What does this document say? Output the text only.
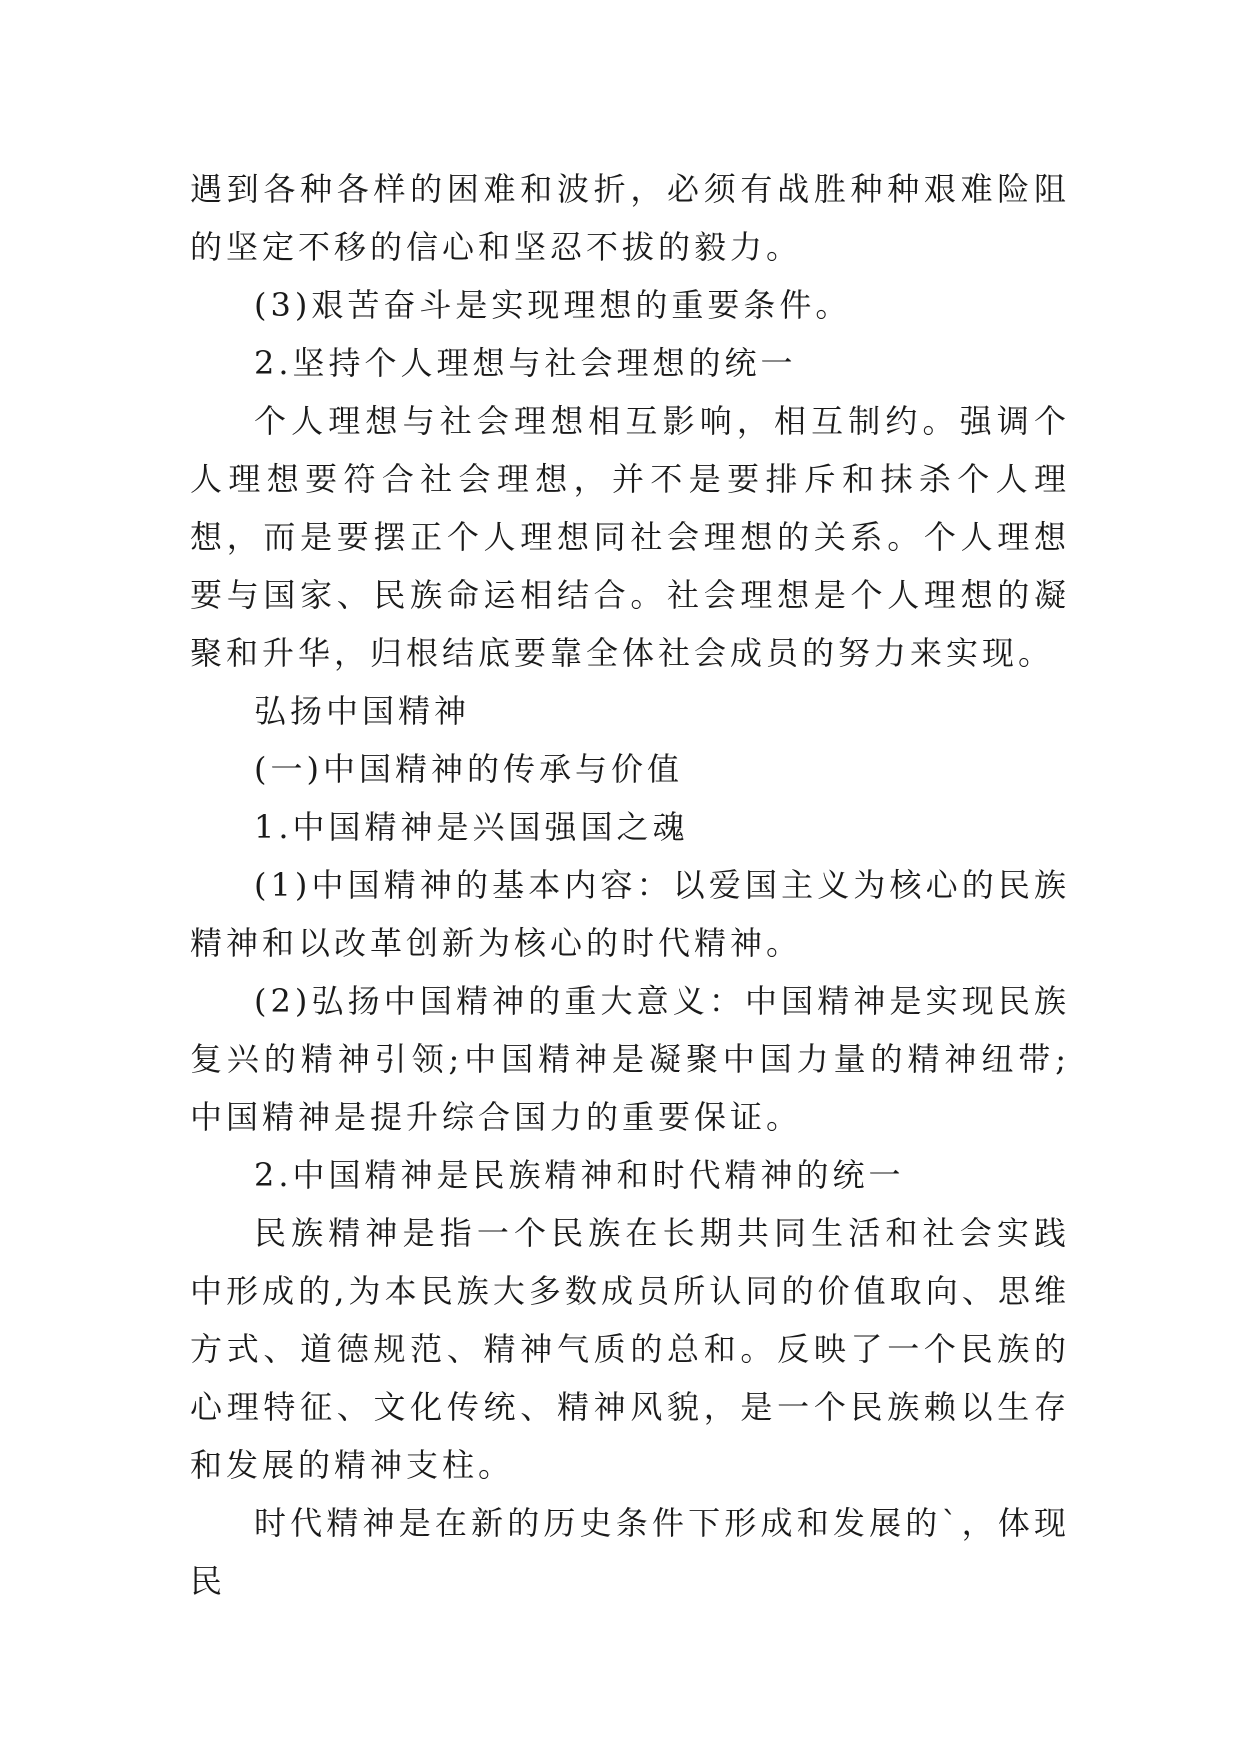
遇到各种各样的困难和波折，必须有战胜种种艰难险阻的坚定不移的信心和坚忍不拔的毅力。

(3)艰苦奋斗是实现理想的重要条件。

2.坚持个人理想与社会理想的统一

个人理想与社会理想相互影响，相互制约。强调个人理想要符合社会理想，并不是要排斥和抹杀个人理想，而是要摆正个人理想同社会理想的关系。个人理想要与国家、民族命运相结合。社会理想是个人理想的凝聚和升华，归根结底要靠全体社会成员的努力来实现。

弘扬中国精神

(一)中国精神的传承与价值

1.中国精神是兴国强国之魂

(1)中国精神的基本内容：以爱国主义为核心的民族精神和以改革创新为核心的时代精神。

(2)弘扬中国精神的重大意义：中国精神是实现民族复兴的精神引领;中国精神是凝聚中国力量的精神纽带;中国精神是提升综合国力的重要保证。

2.中国精神是民族精神和时代精神的统一

民族精神是指一个民族在长期共同生活和社会实践中形成的,为本民族大多数成员所认同的价值取向、思维方式、道德规范、精神气质的总和。反映了一个民族的心理特征、文化传统、精神风貌，是一个民族赖以生存和发展的精神支柱。

时代精神是在新的历史条件下形成和发展的`，体现民
